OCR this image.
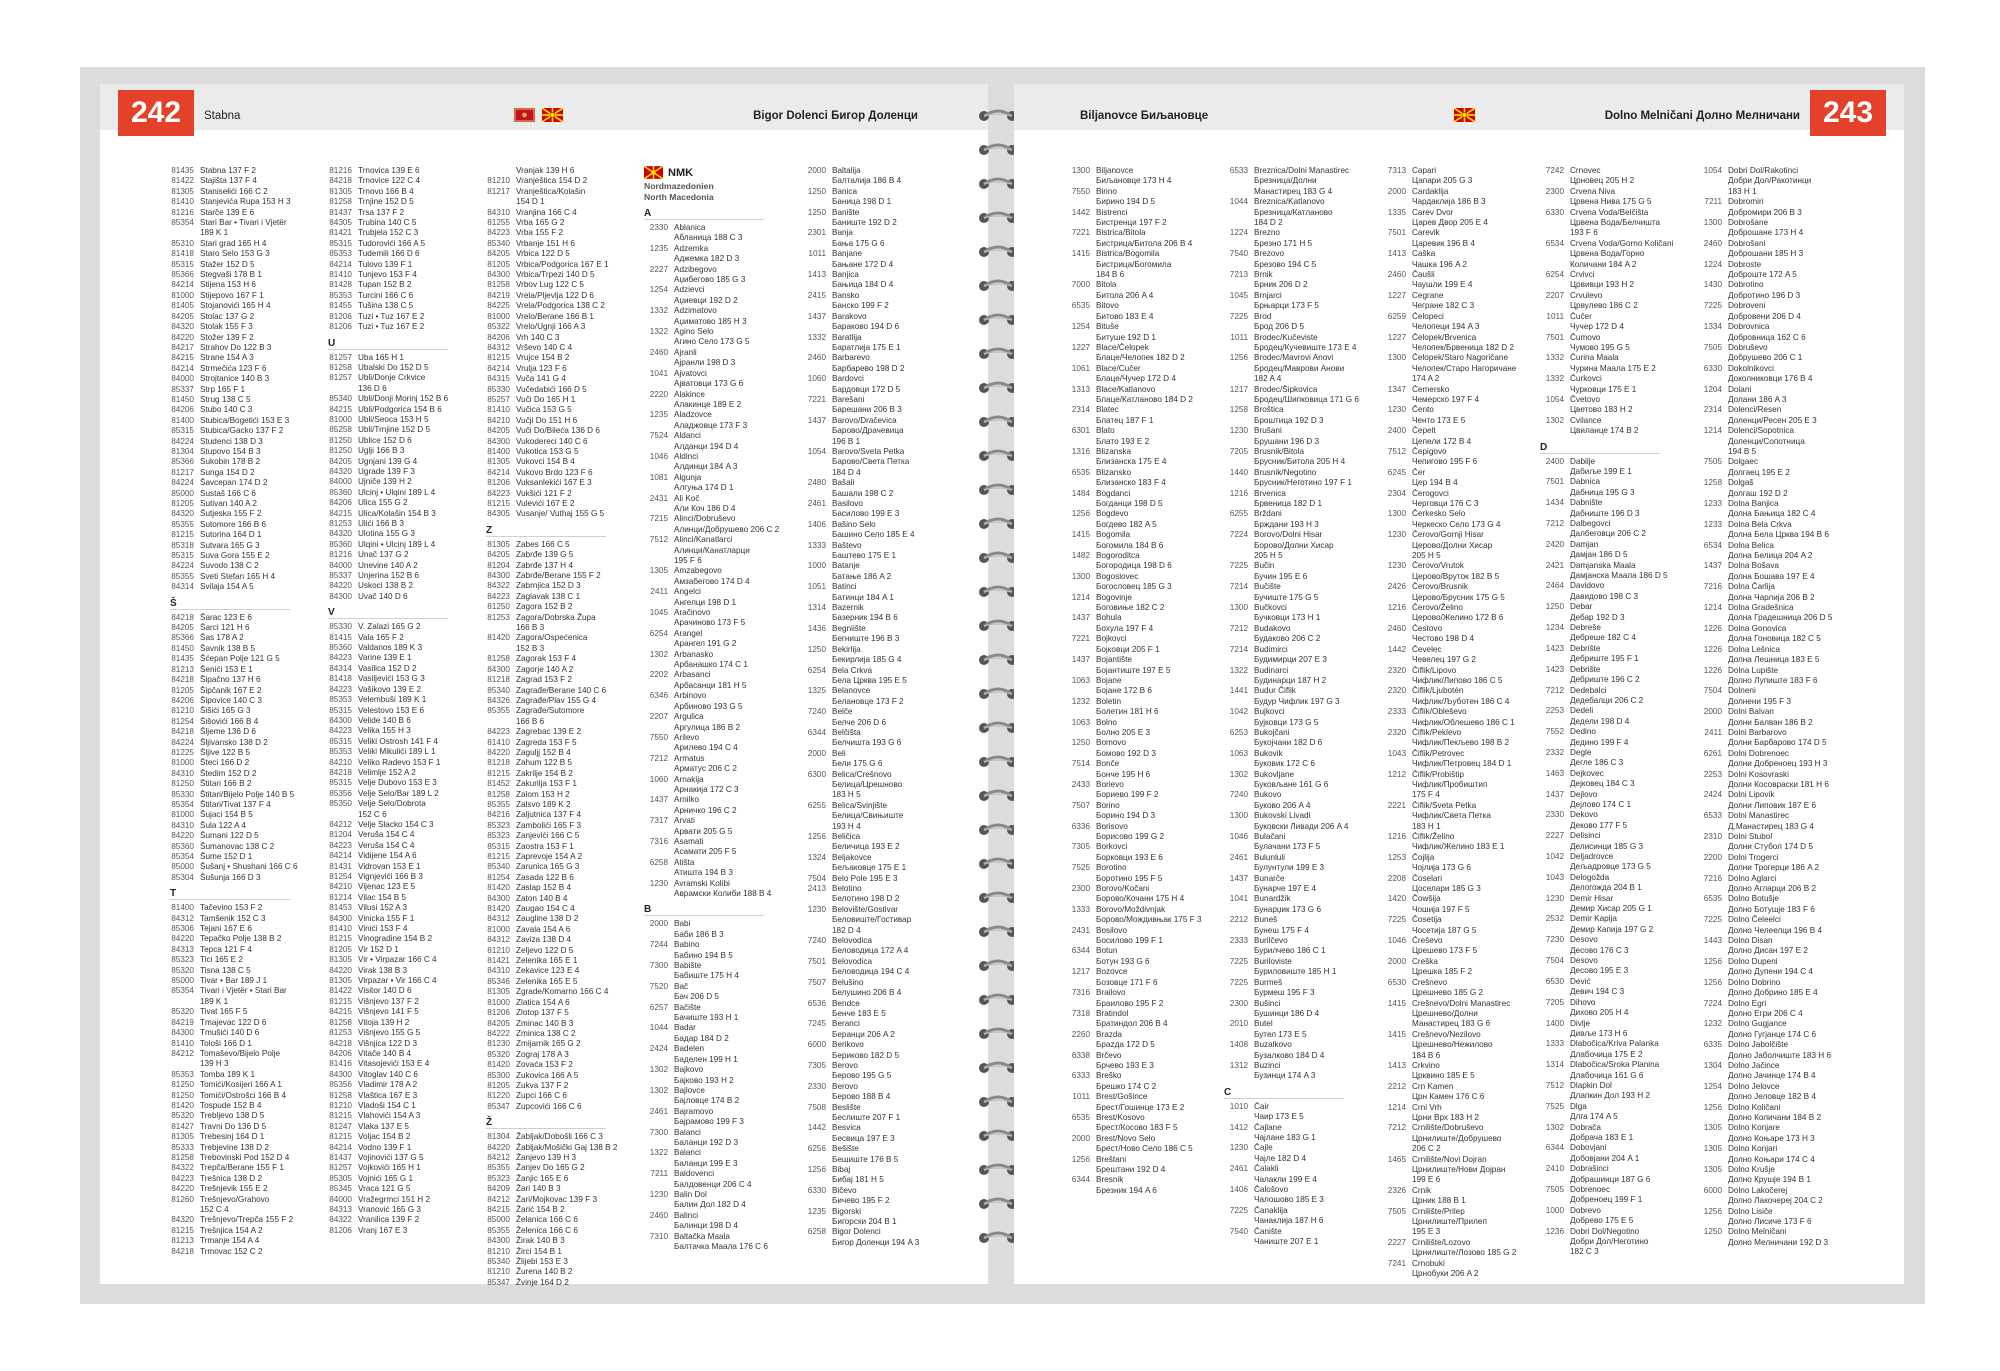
242	Stabna	Bigor Dolenci Бигор Доленци
81435 Stabna 137 F 2
81422 Stajišta 137 F 4
81305 Stanisełići 166 C 2
81410 Stanjevića Rupa 153 H 3
81216 Starče 139 E 6
85354 Stari Bar • Tivari i Vjetër
189 K 1
85310 Stari grad 165 H 4
81418 Staro Selo 153 G 3
85315 Stažer 152 D 5
85366 Stegvaši 178 B 1
84214 Stijena 153 H 6
81000 Stijepovo 167 F 1
81405 Stojanovići 165 H 4
84205 Stolac 137 G 2
84320 Stolak 155 F 3
84220 Stožer 139 F 2
84217 Strahov Do 122 B 3
84215 Strane 154 A 3
84214 Strmečića 123 F 6
84000 Strojtanice 140 B 3
85337 Strp 165 F 1
81450 Strug 138 C 5
84206 Stubo 140 C 3
81400 Stubica/Bogetići 153 E 3
85315 Stubica/Gacko 137 F 2
84224 Studenci 138 D 3
81304 Stupovo 154 B 3
85366 Sukobin 178 B 2
81217 Sunga 154 D 2
84224 Šavcepan 174 D 2
85000 Sustaš 166 C 6
81205 Sutivan 140 A 2
84320 Šutjeska 155 F 2
85355 Sutomore 166 B 6
81215 Sutorina 164 D 1
85318 Sutvara 165 G 3
85315 Suva Gora 155 E 2
84224 Suvodo 138 C 2
85355 Sveti Stefan 165 H 4
84314 Svilaja 154 A 5
Š
84218 Šarac 123 E 6
84205 Šarci 121 H 6
85366 Šas 178 A 2
81450 Šavnik 138 B 5
81435 Šćepan Polje 121 G 5
81213 Šenići 153 E 1
84218 Šipačno 137 H 6
81205 Šipčanik 167 E 2
84206 Šipovice 140 C 3
81210 Šišići 165 G 3
81254 Šišovići 166 B 4
84218 Šljeme 136 D 6
84224 Šljivansko 138 D 2
81225 Šljive 122 B 5
81000 Šteci 166 D 2
84310 Štedim 152 D 2
81250 Štitari 166 B 2
85330 Štitari/Bijelo Polje 140 B 5
85354 Štitari/Tivat 137 F 4
81000 Šujaci 154 B 5
84310 Šula 122 A 4
84220 Šumani 122 D 5
85360 Šumanovac 138 C 2
85354 Šume 152 D 1
85000 Šušanj • Shushani 166 C 6
85304 Šušunja 166 D 3
T
81400 Tačevino 153 F 2
84312 Tamšenik 152 C 3
85306 Tejani 167 E 6
84220 Tepačko Polje 138 B 2
84313 Tepca 121 F 4
85323 Tici 165 E 2
85320 Tisna 138 C 5
85000 Tivar • Bar 189 J 1
85354 Tivari i Vjetër • Stari Bar
189 K 1
85320 Tivat 165 F 5
84219 Tmajevac 122 D 6
84300 Tmušići 140 D 6
81410 Tološi 166 D 1
84212 Tomaševo/Bijelo Polje
139 H 3
85353 Tomba 189 K 1
81250 Tomići/Kosijeri 166 A 1
81250 Tomići/Ostrošci 166 B 4
81420 Tospude 152 B 4
85320 Trebljevo 138 D 5
81427 Travni Do 136 D 5
81305 Trebesinj 164 D 1
85333 Trebjevine 138 D 2
81258 Trebovinski Pod 152 D 4
84322 Trepča/Berane 155 F 1
84223 Trešnica 138 D 2
84220 Trešnjevik 155 E 2
81260 Trešnjevo/Grahovo
152 C 4
84320 Trešnjevo/Trepča 155 F 2
81215 Trešnjica 154 A 2
81213 Trmanje 154 A 4
84218 Trmovac 152 C 2
81216 Trnovica 139 E 6
84218 Trnovice 122 C 4
81305 Trnovo 166 B 4
81258 Trnjine 152 D 5
81437 Trsa 137 F 2
84305 Trubina 140 C 5
81421 Trubjela 152 C 3
85315 Tudorovići 166 A 5
85353 Tudemili 166 D 6
84214 Tulovo 139 F 1
81410 Tunjevo 153 F 4
81428 Tupan 152 B 2
85353 Turcini 166 C 6
81455 Tušina 138 C 5
81206 Tuzi • Tuz 167 E 2
81206 Tuzi • Tuz 167 E 2
U
81257 Uba 165 H 1
81258 Ubalski Do 152 D 5
81257 Ubli/Donje Crkvice
136 D 6
85340 Ubli/Donji Morinj 152 B 6
84215 Ubli/Podgorica 154 B 6
81000 Ubli/Seoca 153 H 5
85258 Ubli/Trnjine 152 D 5
81250 Ublice 152 D 6
81250 Uglji 166 B 3
84205 Ugnjani 139 G 4
84320 Ugrade 139 F 3
84000 Ujniče 139 H 2
85360 Ulcinj • Ulqini 189 L 4
84206 Ulica 155 G 2
84215 Ulica/Kolašin 154 B 3
81253 Ulići 166 B 3
84320 Ulotina 155 G 3
85360 Ulqini • Ulcinj 189 L 4
81216 Unač 137 G 2
84000 Unevine 140 A 2
85337 Unjerina 152 B 6
84220 Uskoci 138 B 2
84300 Uvač 140 D 6
V
85330 V. Zalazi 165 G 2
81415 Vala 165 F 2
85360 Valdanos 189 K 3
84223 Varine 139 E 1
84314 Vasilica 152 D 2
81418 Vasiljevići 153 G 3
84223 Vašikovo 139 E 2
85353 Velembuši 189 K 1
85315 Velestovo 153 E 6
84300 Velide 140 B 6
84223 Velika 155 H 3
85315 Veliki Ostrosh 141 F 4
85353 Veliki Mikulići 189 L 1
84210 Veliko Radevo 153 F 1
84218 Velimlje 152 A 2
85315 Velje Dubovo 153 E 3
85356 Velje Selo/Bar 189 L 2
85350 Velje Selo/Dobrota
152 C 6
84212 Velje Slacko 154 C 3
81204 Veruša 154 C 4
84223 Veruša 154 C 4
84214 Vidijene 154 A 6
81431 Vidrovan 153 E 1
81254 Vignjevići 166 B 3
84210 Vijenac 123 E 5
81214 Vilac 154 B 5
81453 Vilusi 152 A 3
84300 Vinicka 155 F 1
81410 Vinići 153 F 4
81215 Vinogradine 154 B 2
81205 Vir 152 D 1
81305 Vir • Virpazar 166 C 4
84220 Virak 138 B 3
81305 Virpazar • Vir 166 C 4
81422 Visitor 140 D 6
81215 Višnjevo 137 F 2
84215 Višnjevo 141 F 5
81258 Vitoja 139 H 2
81253 Višnjevo 155 G 5
84218 Višnjica 122 D 3
84206 Vitače 140 B 4
81416 Vitasojevići 153 E 4
84300 Vitoglav 140 C 6
85356 Vladimir 178 A 2
81258 Vlaštica 167 E 3
81210 Vladoši 154 C 1
81215 Vlahovići 154 A 3
81247 Vlaka 137 E 5
81215 Voljac 154 B 2
84214 Vodno 139 F 1
81437 Vojinovići 137 G 5
81257 Vojkovići 165 H 1
85305 Vojnići 165 G 1
85345 Vraca 121 G 5
84000 Vražegrmci 151 H 2
84313 Vranović 165 G 3
84322 Vranilica 139 F 2
81206 Vranj 167 E 3
Vranjak 139 H 6
81210 Vranještica 154 D 2
81217 Vranještica/Kolašin
154 D 1
84310 Vranjina 166 C 4
81255 Vrba 165 G 2
84223 Vrba 155 F 2
85340 Vrbanje 151 H 6
84205 Vrbica 122 D 5
81205 Vrbica/Podgorica 167 E 1
84300 Vrbica/Trpezi 140 D 5
81258 Vrbov Lug 122 C 5
84219 Vrela/Pljevlja 122 D 6
84225 Vrela/Podgorica 138 C 2
81000 Vrelo/Berane 166 B 1
85322 Vrelo/Ugnji 166 A 3
84206 Vrh 140 C 3
84312 Vrševo 140 C 4
81215 Vrujce 154 B 2
84214 Vrulja 123 F 6
84315 Vuča 141 G 4
85330 Vučedabići 166 D 5
85257 Vuči Do 165 H 1
81410 Vučica 153 G 5
84210 Vučji Do 151 H 6
84205 Vuči Do/Bileća 136 D 6
84300 Vukodereci 140 C 6
81400 Vukotica 153 G 5
81305 Vukovci 154 B 4
84214 Vukovo Brdo 123 F 6
81206 Vuksanlekići 167 E 3
84223 Vukšići 121 F 2
81215 Vulevići 167 E 2
84305 Vusanje/ Vuthaj 155 G 5
Z
81305 Zabes 166 C 5
84205 Zabrđe 139 G 5
81204 Zabrđe 137 H 4
84300 Zabrđe/Berane 155 F 2
84322 Zabrnjica 152 D 3
84223 Zaglavak 138 C 1
81250 Zagora 152 B 2
81253 Zagora/Dobrska Župa
166 B 3
81420 Zagora/Ospećenica
152 B 3
81258 Zagorak 153 F 4
84300 Zagorje 140 A 2
81218 Zagrad 153 F 2
85340 Zagrađe/Berane 140 C 6
84326 Zagrađe/Plav 155 G 4
85355 Zagrađe/Sutomore
166 B 6
84223 Zagrebac 139 E 2
81410 Zagreda 153 F 5
84220 Zaguljj 152 B 4
81218 Zahum 122 B 5
81215 Zakrilje 154 B 2
81452 Zakurilja 153 F 1
81258 Zalom 153 H 2
85355 Zalsvo 189 K 2
84216 Zaljutnica 137 F 4
85323 Zambolići 165 F 3
85323 Zanjevići 166 C 5
85315 Zaostra 153 F 1
81215 Zaprevoje 154 A 2
85340 Zarunica 165 G 3
81254 Zasada 122 B 6
81420 Zaslap 152 B 4
84300 Zaton 140 B 4
81420 Zaugao 154 C 4
84312 Zaugline 138 D 2
81000 Zavala 154 A 6
84312 Zaviza 138 D 4
81210 Zeljevo 122 D 5
81421 Zelenika 165 E 1
84310 Zekavice 123 E 4
85346 Zelenika 165 E 5
81305 Zgrade/Komarno 166 C 4
81000 Zlatica 154 A 6
81206 Zlotop 137 F 5
84205 Zminac 140 B 3
84222 Zminica 138 C 2
81230 Zmijarnik 165 G 2
85320 Zograj 178 A 3
81420 Zovaća 153 F 2
85300 Zukovica 166 A 5
81205 Zukva 137 F 2
81220 Zupci 166 C 6
85347 Zupcovići 166 C 6
Ž
81304 Žabljak/Dobošli 166 C 3
84220 Žabljak/Mošički Gaj 138 B 2
84212 Žanjevo 139 H 3
85355 Žanjev Do 165 G 2
85323 Žanjic 165 E 6
84209 Žari 140 B 3
84212 Žari/Mojkovac 139 F 3
84215 Žarić 154 B 2
85000 Želanica 166 C 6
85355 Želenica 166 C 6
84300 Žirak 140 B 3
81210 Žirci 154 B 1
85340 Žlijebi 153 E 3
81210 Žurena 140 B 2
85347 Žvinje 164 D 2
NMK
Nordmazedonien
North Macedonia
A
2330 Ablanica
Абланица 188 C 3
1235 Adzemka
Аджемка 182 D 3
2227 Adzibegovo
Аџибеговo 185 G 3
1254 Adzievci
Аџиевци 192 D 2
1332 Adzimatovo
Аџиматово 185 H 3
1322 Agino Selo
Агино Село 173 G 5
2460 Ajranli
Ајранли 198 D 3
1041 Ajvatovci
Ајватовци 173 G 6
2220 Alakince
Алакинце 189 E 2
1235 Aladzovce
Аладжовце 173 F 3
7524 Aldanci
Алданци 194 D 4
1046 Aldinci
Алдинци 184 A 3
1081 Algunja
Алгуња 174 D 1
2431 Ali Koč
Али Коч 186 D 4
7215 Alinci/Dobruševo
Алинци/Добрушево 206 C 2
7512 Alinci/Kanatlarci
Алинци/Канатларци
195 F 6
1305 Amzabegovo
Амзабегово 174 D 4
2411 Angelci
Ангелци 198 D 1
1045 Aračinovo
Арачиново 173 F 5
6254 Arangel
Арангел 191 G 2
1302 Arbanasko
Арбанашко 174 C 1
2202 Arbasanci
Арбасанци 181 H 5
6346 Arbinovo
Арбиново 193 G 5
2207 Argulica
Аргулица 186 B 2
7550 Arilevo
Арилево 194 C 4
7212 Armatus
Арматус 206 C 2
1060 Arnakija
Арнакија 172 C 3
1437 Arnilko
Арничко 196 C 2
7317 Arvati
Арвати 205 G 5
7316 Asamati
Асамати 205 F 5
6258 Atišta
Атишта 194 B 3
1230 Avramski Kolibi
Аврамски Колиби 188 B 4
B
2000 Babi
Баби 186 B 3
7244 Babino
Бабино 194 B 5
7300 Babište
Бабиште 175 H 4
7520 Bač
Бач 206 D 5
6257 Bačište
Бачиште 193 H 1
1044 Badar
Бадар 184 D 2
2424 Badelen
Баделен 199 H 1
1302 Bajkovo
Бајково 193 H 2
1302 Bajlovce
Бајловце 174 B 2
2461 Bajramovo
Бајрамово 199 F 3
7300 Balanci
Баланци 192 D 3
1322 Balanci
Баланци 199 E 3
7211 Baldovenci
Балдовенци 206 C 4
1230 Balin Dol
Балин Дол 182 D 4
2460 Balinci
Балинци 198 D 4
7310 Baltačka Maala
Балтачка Маала 176 C 6
2000 Baltalija
Балталија 186 B 4
1250 Banica
Баница 198 D 1
1250 Banište
Баниште 192 D 2
2301 Banja
Бања 175 G 6
1011 Banjane
Бањане 172 D 4
1413 Banjica
Бањица 184 D 4
2415 Bansko
Банско 199 F 2
1437 Barakovo
Бараково 194 D 6
1332 Baratlija
Бaратлија 175 E 1
2460 Barbarevo
Барбарево 198 D 2
1060 Bardovci
Бардовци 172 D 5
7221 Barešani
Барешани 206 B 3
1437 Barovo/Dračevica
Барово/Драчевица
196 B 1
1054 Barovo/Sveta Petka
Барово/Света Петка
184 D 4
2480 Bašali
Башали 198 C 2
2461 Basilovo
Басилово 199 E 3
1406 Bašino Selo
Башино Село 185 E 4
1333 Baštevo
Баштево 175 E 1
1000 Batanje
Батање 186 A 2
1051 Batinci
Батинци 184 A 1
1314 Bazernik
Базерник 194 B 6
1436 Begniište
Бегниште 196 B 3
1250 Bekirlija
Бекирлија 185 G 4
6254 Bela Crkva
Бела Црква 195 E 5
1325 Belanovce
Беланoвце 173 F 2
7240 Belče
Белче 206 D 6
6344 Belčišta
Белчишта 193 G 6
2000 Beli
Бели 175 G 6
6300 Belica/Crešnovo
Белица/Црешново
183 H 5
6255 Belica/Svinjište
Белица/Свињиште
193 H 4
1256 Beličica
Беличица 193 E 2
1324 Beljakovce
Бељаковце 175 E 1
7504 Belo Pole 195 E 3
2413 Belotino
Белотино 198 D 2
1230 Belovište/Gostivar
Беловиште/Гостивар
182 D 4
7240 Belovodica
Беловодица 172 A 4
7501 Belovodica
Беловодица 194 C 4
7507 Belušino
Белушино 206 B 4
6536 Bendce
Бенче 183 E 5
7245 Beranci
Беранци 206 A 2
6000 Berikovo
Бериково 182 D 5
7305 Berovo
Берово 195 G 5
2330 Berovo
Берово 188 B 4
7508 Beslište
Беслиште 207 F 1
1442 Besvica
Бесвица 197 E 3
6256 Bešište
Бешиште 176 B 5
1256 Bibaj
Бибај 181 H 5
6330 Bičevo
Бичево 195 F 2
1235 Bigorski
Бигорски 204 B 1
6258 Bigor Dolenci
Бигор Доленци 194 A 3
Biljanovce Биљановце	Dolno Melničani Долно Мелничани 243
1300 Biljanovce
Биљановце 173 H 4
7550 Birino
Бирино 194 D 5
1442 Bistrenci
Бистренци 197 F 2
7221 Bistrica/Bitola
Бистрица/Битола 206 B 4
1415 Bistrica/Bogomila
Бистрица/Богомила
184 B 6
7000 Bitola
Битола 206 A 4
6535 Bitovo
Битово 183 E 4
1254 Bituše
Битуше 192 D 1
1227 Blace/Čelopek
Блаце/Челопек 182 D 2
1061 Blace/Cučer
Блаце/Чучер 172 D 4
1313 Blace/Katlanovo
Блаце/Катланово 184 D 2
2314 Blatec
Блатец 187 F 1
6301 Blato
Блато 193 E 2
1316 Blizanska
Близанска 175 E 4
6535 Blizansko
Близанско 183 F 4
1484 Bogdanci
Богданци 198 D 5
1256 Bogdevo
Богдево 182 A 5
1415 Bogomila
Богомила 184 B 6
1482 Bogoroditca
Богородица 198 D 6
1300 Bogoslovec
Богословец 185 G 3
1214 Bogovinje
Боговиње 182 C 2
1437 Bohula
Бохула 197 F 4
7221 Bojkovci
Бојковци 205 F 1
1437 Bojantište
Бојантиште 197 E 5
1063 Bojane
Бојане 172 B 6
1232 Boletin
Болетин 181 H 6
1063 Bolno
Болно 205 E 3
1250 Bomovo
Бомово 192 D 3
7514 Bonče
Бонче 195 H 6
2433 Borievo
Бориево 199 F 2
7507 Borino
Борино 194 D 3
6336 Borisovo
Борисово 199 G 2
7305 Borkovci
Борковци 193 E 6
7525 Borotino
Боротино 195 F 5
2300 Borovo/Kočani
Борово/Кочани 175 H 4
1333 Borovo/Moždivnjak
Борово/Мождивњак 175 F 3
2431 Bosilovo
Босилово 199 F 1
6344 Botun
Ботун 193 G 6
1217 Bozovce
Бозовце 171 F 6
7316 Brailovo
Браилово 195 F 2
7318 Bratindol
Братиндол 206 B 4
2260 Brazda
Брazда 172 D 5
6338 Brčevo
Брчево 193 E 3
6333 Breško
Брешко 174 C 2
1011 Brest/Gošince
Брест/Гошинце 173 E 2
6535 Brest/Kosovo
Брест/Косово 183 F 5
2000 Brest/Novo Selo
Брест/Ново Село 186 C 5
1256 Breštani
Брештани 192 D 4
6344 Bresnik
Брезник 194 A 6
6533 Breznica/Dolni Manastirec
Брезница/Долни
Манастирец 183 G 4
1044 Breznica/Katlanovo
Брезница/Катланово
184 D 2
1224 Brezno
Брезно 171 H 5
7540 Brezovo
Брезово 194 C 5
7213 Brnik
Брник 206 D 2
1045 Brnjarci
Брњарци 173 F 5
7225 Brod
Брод 206 D 5
1011 Brodec/Kučeviste
Бродец/Кучевиште 173 E 4
1256 Brodec/Mavrovi Anovi
Бродец/Маврови Анови
182 A 4
1217 Brodec/Šipkovica
Бродец/Шипковица 171 G 6
1258 Broštica
Броштица 192 D 3
1230 Brušani
Брушани 196 D 3
7205 Brusnik/Bitola
Брусник/Битола 205 H 4
1440 Brusnik/Negotino
Брусник/Неготино 197 F 1
1216 Brvenica
Брвеница 182 D 1
6255 Brždani
Брждани 193 H 3
7224 Borovo/Dolni Hisar
Боровo/Долни Хисар
205 H 5
7225 Bučin
Бучин 195 E 6
7214 Bučište
Бучиште 175 G 5
1300 Bučkovci
Бучковци 173 H 1
7212 Budakovo
Будаково 206 C 2
7214 Budimirci
Будимирци 207 E 3
1322 Budinarci
Будинарци 187 H 2
1441 Budur Čiflik
Будур Чифлик 197 G 3
1042 Bujkovci
Бујковци 173 G 5
6253 Bukojčani
Букојчани 182 D 6
1063 Bukovik
Буковик 172 C 6
1302 Bukovljane
Буковљане 161 G 6
7240 Bukovo
Буково 206 A 4
1300 Bukovski Livadi
Буковски Ливади 206 A 4
1046 Bulačani
Булачани 173 F 5
2461 Bulunluli
Булунтули 199 E 3
1437 Bunarče
Бунарче 197 E 4
1041 Bunardžik
Бунарџик 173 G 6
2212 Buneš
Бунеш 175 F 4
2333 Burilčevo
Бурилчево 186 C 1
7225 Buriloviste
Буриловиште 185 H 1
7225 Burmeš
Бурмеш 195 F 3
2300 Bušinci
Бушинци 186 D 4
2010 Butel
Бутел 173 E 5
1408 Buzalkovo
Бузалково 184 D 4
1312 Buzinci
Бузинци 174 A 3
C
1010 Čair
Чаир 173 E 5
1412 Čajlane
Чајлане 183 G 1
1230 Čajle
Чајле 182 D 4
2461 Čalakli
Чалакли 199 E 4
1406 Čalošovo
Чалошово 185 E 3
7225 Čanaklija
Чанаклија 187 H 6
7540 Čanište
Чаниште 207 E 1
7313 Capari
Цапари 205 G 3
2000 Cardaklija
Чардаклија 186 B 3
1335 Carev Dvor
Царев Двор 205 E 4
7501 Carevik
Царевик 196 B 4
1413 Caška
Чашка 196 A 2
2460 Čaušli
Чаушли 199 E 4
1227 Cegrane
Чегране 182 C 3
6259 Čelopeci
Челопеци 194 A 3
1227 Čelopek/Brvenica
Челопек/Брвеница 182 D 2
1300 Čelopek/Staro Nagoričane
Челопек/Старо Нагоричане
174 A 2
1347 Čemersko
Чемерско 197 F 4
1230 Čento
Ченто 173 E 5
2400 Čepelt
Цепели 172 B 4
7512 Čepigovo
Чепигово 195 F 6
6245 Čer
Цер 194 B 4
2304 Čerogovci
Черговци 176 C 3
1300 Čerkesko Selo
Черкеско Село 173 G 4
1230 Čerovo/Gornji Hisar
Церово/Долни Хисар
205 H 5
1230 Čerovo/Vrutok
Церово/Врутoк 182 B 5
2426 Čerovo/Brusnik
Церово/Брусник 175 G 5
1216 Čerovo/Želino
Церово/Желино 172 B 6
2460 Čestovo
Честово 198 D 4
1442 Čevelec
Чевелец 197 G 2
2320 Čiflik/Lipovo
Чифлик/Липово 186 C 5
2320 Čiflik/Ljubotén
Чифлик/Љуботен 186 C 4
2333 Čiflik/Obleševo
Чифлик/Облешево 186 C 1
2320 Čiflik/Peklevo
Чифлик/Пекљево 198 B 2
1043 Čiflik/Petrovec
Чифлик/Петровец 184 D 1
1212 Čiflik/Probištip
Чифлик/Пробиштип
175 F 4
2221 Čiflik/Sveta Petka
Чифлик/Света Петка
183 H 1
1216 Čiflik/Želino
Чифлик/Желино 183 E 1
1253 Čojlija
Чојлија 173 G 6
2208 Čoselari
Цоселари 185 G 3
1420 Čowšija
Чошија 197 F 5
7225 Čosеtija
Чосетија 187 G 5
1046 Čreševo
Црешево 173 F 5
2000 Creška
Црешка 185 F 2
6530 Crešnevo
Црешнево 185 G 2
1415 Crešnevo/Dolni Manastirec
Црешнево/Долни
Манастирец 183 G 6
1415 Crešnevo/Nezilovo
Црешнево/Нежилово
184 B 6
1413 Crkvino
Црквино 185 E 5
2212 Crn Kamen
Црн Камен 176 C 6
1214 Crni Vrh
Црни Врх 183 H 2
7212 Crnilište/Dobruševo
Црнилиште/Добрушево
206 C 2
1465 Crnilište/Novi Dojran
Црнилиште/Нови Дојран
199 E 6
2326 Crnik
Црник 188 B 1
7505 Crnilište/Prilep
Црнилиште/Прилеп
195 E 3
2227 Crnilište/Lozovo
Црнилиште/Лозово 185 G 2
7241 Crnobuki
Црнобуки 206 A 2
7242 Crnovec
Црновец 205 H 2
2300 Crvena Niva
Црвена Нива 175 G 5
6330 Crvena Voda/Belčišta
Црвена Вода/Белчишта
193 F 6
6534 Crvena Voda/Gorno Količani
Црвена Вода/Горно
Количани 184 A 2
6254 Crvivci
Црвивци 193 H 2
2207 Crvulevo
Црвулево 186 C 2
1011 Čučer
Чучер 172 D 4
7501 Čumovo
Чумово 195 G 5
1332 Čurina Maala
Чурина Маала 175 E 2
1332 Čurkovci
Чурковци 175 E 1
1054 Čvetovo
Цветово 183 H 2
1302 Cvilance
Цвиланце 174 B 2
D
2400 Dabilje
Дабиље 199 E 1
7501 Dabnica
Дабница 195 G 3
1434 Dabnište
Дабниште 196 D 3
7212 Dalbegovci
Далбеговци 206 C 2
2420 Damjan
Дамјан 186 D 5
2421 Damjanska Maala
Дамјанска Маала 186 D 5
2464 Davidovo
Давидово 198 C 3
1250 Debar
Дебар 192 D 3
1234 Debreše
Дебреше 182 C 4
1423 Debrište
Дебриште 195 F 1
1423 Debrište
Дебриште 196 C 2
7212 Dedebalci
Дедебалци 206 C 2
2253 Dedeli
Дедели 198 D 4
7552 Dedino
Дедино 199 F 4
2332 Degle
Дегле 186 C 3
1463 Dejkovec
Дејковец 184 C 3
1437 Dejlovo
Дејлово 174 C 1
2330 Dekovo
Деково 177 F 5
2227 Delisinci
Делисинци 185 G 3
1042 Deljadrovce
Дељадровце 173 G 5
1043 Delogožda
Делогожда 204 B 1
1230 Demir Hisar
Демир Хисар 205 G 1
2532 Demir Kapija
Демир Капија 197 G 2
7230 Desovo
Десово 176 C 3
7504 Desovo
Десово 195 E 3
6530 Dević
Девич 194 C 3
7205 Dihovo
Дихово 205 H 4
1400 Divlje
Дивље 173 H 6
1333 Dlabočica/Kriva Palanka
Длабочица 175 E 2
1314 Dlabočica/Sroka Planina
Длабочица 161 G 6
7512 Dlapkin Dol
Длапкин Дол 193 H 2
7525 Dlga
Длга 174 A 5
1302 Dobrača
Добрача 183 E 1
6344 Dobovjani
Добовјани 204 A 1
2410 Dobrašinci
Добрашинци 187 G 6
7505 Dobrenoec
Добреноец 199 F 1
1000 Dobrevo
Добрево 175 E 5
1236 Dobri Dol/Negotino
Добри Дол/Неготино
182 C 3
1054 Dobri Dol/Rakotinci
Добри Дол/Ракотинци
183 H 1
7211 Dobromiri
Добромири 206 B 3
1300 Dobrošane
Доброшане 173 H 4
2460 Dobrošani
Доброшани 185 H 3
1224 Dobroste
Доброште 172 A 5
1430 Dobrotino
Добротино 196 D 3
7225 Dobrovenі
Добровени 206 D 4
1334 Dobrovnica
Добровница 162 C 6
7505 Dobruševo
Добрушево 206 C 1
6330 Dokolnikovci
Доколниковци 176 B 4
1204 Dolani
Долани 186 A 3
2314 Dolenci/Resen
Доленци/Ресен 205 E 3
1214 Dolenci/Sopotnica
Доленци/Сопотница
194 B 5
7505 Dolgaec
Долгаец 195 E 2
1258 Dolgaš
Долгаш 192 D 2
1233 Dolna Banjica
Долна Бањица 182 C 4
1233 Dolna Bela Crkva
Долна Бела Црква 194 B 6
6534 Dolna Belica
Долна Белица 204 A 2
1437 Dolna Bošava
Долна Бошава 197 E 4
7216 Dolna Čarlija
Долна Чарлија 206 B 2
1214 Dolna Gradešnica
Долна Градешница 206 D 5
1226 Dolna Gonovica
Долна Гоновица 182 C 5
1226 Dolna Lešnica
Долна Лешница 183 E 5
1226 Dolna Lupište
Долно Лупиште 183 F 6
7504 Dolneni
Долнени 195 F 3
2000 Dolni Balvan
Долни Балван 186 B 2
2411 Dolni Barbarovo
Долни Барбарово 174 D 5
6261 Dolni Dobrenoec
Долни Добреноец 193 H 3
2253 Dolni Kosovraski
Долни Косовраски 181 H 6
2424 Dolni Lipovik
Долни Липовик 187 E 6
6533 Dolni Manastirec
Д.Манастирец 183 G 4
2310 Dolni Stubol
Долни Стубол 174 D 5
2200 Dolni Trogerci
Долни Трогерци 186 A 2
7216 Dolno Aglarci
Долно Агларци 206 B 2
6535 Dolno Botušje
Долно Ботушје 183 F 6
7225 Dolno Čeleelci
Долно Челеелци 196 B 4
1443 Dolno Disan
Долно Дисан 197 E 2
1256 Dolno Dupeni
Долно Дупени 194 C 4
1256 Dolno Dobrino
Долно Добрино 185 E 4
7224 Dolno Egri
Долно Егри 206 C 4
1232 Dolno Gugjance
Долно Гугјанце 174 C 6
6335 Dolno Jabolčište
Долно Јаболчиште 183 H 6
1304 Dolno Jačince
Долно Јачинце 174 B 4
1254 Dolno Jelovce
Долно Јеловце 182 B 4
1256 Dolno Količani
Долно Количани 184 B 2
1305 Dolno Konjare
Долно Коњаре 173 H 3
1305 Dolno Konjari
Долно Коњари 174 C 4
1305 Dolno Krušje
Долно Крушје 194 B 1
6000 Dolno Lakočerej
Долно Лакочереј 204 C 2
1256 Dolno Lisiče
Долно Лисиче 173 F 6
1250 Dolno Melničani
Долно Мелничани 192 D 3
